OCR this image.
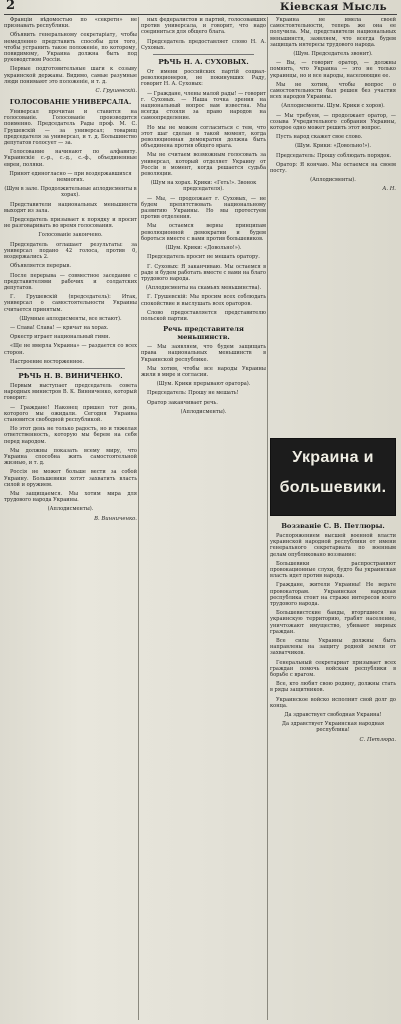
2	Кiевская Мысль

Франціи вѣдомостью по «секретн» не признавать республики.

Объявить генеральному секретаріату, чтобы немедленно представить способы для того, чтобы устранить такое положеніе, по которому, повидимому, Украина должна быть под руководством Россіи.

Первые подготовительные шаги к созыву украинской державы. Видимо, самые разумные люди понимают это положеніе, и т. д.

С. Грушевскій.
ГОЛОСОВАНІЕ УНИВЕРСАЛА.

Универсал прочитан и ставится на голосованіе. Голосованіе производится поименно. Председатель Рады проф. М. С. Грушевскій — за универсал; товарищ председателя за универсал, и т. д. Большинство депутатов голосует — за.

Голосование начинают по алфавиту. Украинскіе с.-р., с.-д., с.-ф., объединенные евреи, поляки.

Принят единогласно — при воздержавшихся немногих.

(Шум в зале. Продолжительные аплодисменты в хорах).

Представители национальных меньшинств выходят из зала.

Председатель призывает к порядку и просит не разговаривать во время голосования.

Голосованіе закончено.

Председатель оглашает результаты: за универсал подано 42 голоса, против 0, воздержались 2.

Объявляется перерыв.

После перерыва — совместное заседание с представителями рабочих и солдатских депутатов.

Г. Грушевскій (председатель): Итак, универсал о самостоятельности Украины считается принятым.

(Шумные аплодисменты, все встают).

— Слава! Слава! — кричат на хорах.

Оркестр играет национальный гимн.

«Ще не вмерла Украина» — раздается со всех сторон.

Настроение восторженное.

РѢЧЬ Н. В. ВИНИЧЕНКО.

Первым выступает председатель совета народных министров В. К. Винниченко, который говорит:

— Граждане! Наконец пришел тот день, которого мы ожидали. Сегодня Украина становится свободной республикой.

Но этот день не только радость, но и тяжелая ответственность, которую мы берем на себя перед народом.

Мы должны показать всему миру, что Украина способна жить самостоятельной жизнью, и т. д.

Россія не может больше вести за собой Украину. Большевики хотят захватить власть силой и оружием.

Мы защищаемся. Мы хотим мира для трудового народа Украины.

(Аплодисменты).

В. Винниченко.

ных федералистов и партий, голосовавших против универсала, и говорит, что надо соединиться для общего блага.

Председатель предоставляет слово Н. А. Суховых.

РѢЧЬ Н. А. СУХОВЫХ.

От имени российских партій социал-революционеров, не покинувших Раду, говорит Н. А. Суховых:

— Граждане, члены малой рады! — говорит г. Суховых. — Наша точка зрения на национальный вопрос вам известна. Мы всегда стояли за право народов на самоопределение.

Но мы не можем согласиться с тем, что этот шаг сделан в такой момент, когда революционная демократия должна быть объединена против общего врага.

Мы не считаем возможным голосовать за универсал, который отделяет Украину от Россіи в момент, когда решается судьба революции.

(Шум на хорах. Крики: «Геть!». Звонок председателя).

— Мы, — продолжает г. Суховых, — не будем препятствовать национальному развитию Украины. Но мы протестуем против отделения.

Мы остаемся верны принципам революционной демократии и будем бороться вместе с вами против большевиков.

(Шум. Крики: «Довольно!»).

Председатель просит не мешать оратору.

Г. Суховых: Я заканчиваю. Мы остаемся в раде и будем работать вместе с вами на благо трудового народа.

(Аплодисменты на скамьях меньшинства).

Г. Грушевскій: Мы просим всех соблюдать спокойствие и выслушать всех ораторов.

Слово предоставляется представителю польской партии.

Речь представителя меньшинств.

— Мы заявляем, что будем защищать права национальных меньшинств в Украинской республике.

Мы хотим, чтобы все народы Украины жили в мире и согласии.

(Шум. Крики прерывают оратора).

Председатель: Прошу не мешать!

Оратор заканчивает речь.

(Аплодисменты).

Украина не имела своей самостоятельности, теперь же она ее получила. Мы, представители национальных меньшинств, заявляем, что всегда будем защищать интересы трудового народа.

(Шум. Председатель звонит).

— Вы, — говорит оратор, — должны помнить, что Украина — это не только украинцы, но и все народы, населяющие ее.

Мы не хотим, чтобы вопрос о самостоятельности был решен без участия всех народов Украины.

(Аплодисменты. Шум. Крики с хоров).

— Мы требуем, — продолжает оратор, — созыва Учредительного собрания Украины, которое одно может решить этот вопрос.

Пусть народ скажет свое слово.

(Шум. Крики: «Довольно!»).

Председатель: Прошу соблюдать порядок.

Оратор: Я кончаю. Мы остаемся на своем посту.

(Аплодисменты).

А. Н.
Украина и
большевики.
Воззваніе С. В. Петлюры.

Распоряжением высшей военной власти украинской народной республики от имени генерального секретариата по военным делам опубликовано воззвание:

Большевики распространяют провокационные слухи, будто бы украинская власть идет против народа.

Граждане, жители Украины! Не верьте провокаторам. Украинская народная республика стоит на страже интересов всего трудового народа.

Большевистские банды, вторгшиеся на украинскую территорию, грабят население, уничтожают имущество, убивают мирных граждан.

Все силы Украины должны быть направлены на защиту родной земли от захватчиков.

Генеральный секретариат призывает всех граждан помочь войскам республики в борьбе с врагом.

Все, кто любит свою родину, должны стать в ряды защитников.

Украинское войско исполнит свой долг до конца.

Да здравствует свободная Украина!

Да здравствует Украинская народная республика!

С. Петлюра.
